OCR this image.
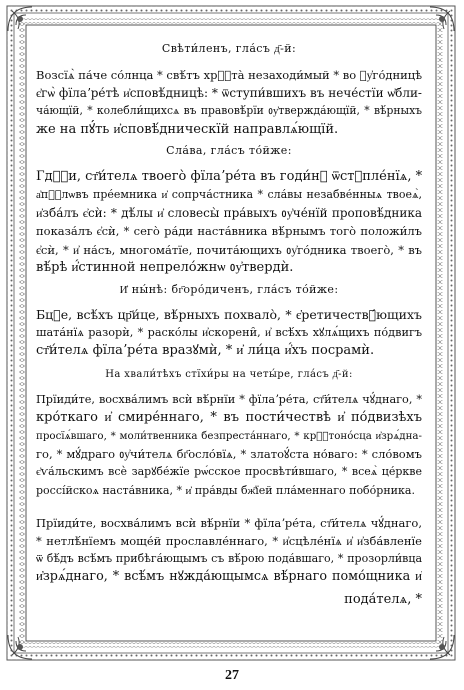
Свѣти́ленъ, гла́съ д҃-й:

Возсїѧ̀ па́че со́лнца * свѣ́тъ хрⷭ҇та̀ незаходи́мый * во ᲂу҆го́дницѣ
є҆гѡ̀ фїлаʼре́тѣ и҆сповѣ́дницѣ: * ѿступи́вшихъ въ нече́стїи ѡ҆бли-
ча́ющїй, * колебли́щихсѧ въ правовѣ́рїи ᲂу҆твержда́ющїй, * вѣ́рныхъ
же на пꙋ́ть и҆сповѣ́дническїй направлѧ́ющїй.

Сла́ва, гла́съ то́йже:

Гдⷭ҇и, ст҃и́телѧ твоего̀ фїлаʼре́та въ годи́нꙋ ѿстꙋпле́нїѧ, *
а҆пⷭ҇лѡвъ пре́емника и҆ сопрча́стника * сла́вы незабве́нныѧ твоеѧ̀,
и҆зба́лъ є҆сѝ: * дѣ́лы и҆ словесы̀ пра́выхъ ᲂу҆че́нїй проповѣ́дника
показа́лъ є҆сѝ, * сего̀ ра́ди наста́вника вѣ́рнымъ того̀ положи́лъ
є҆сѝ, * и҆ на́съ, многома́тїе, почита́ющихъ ᲂу҆го́дника твоего̀, * въ
вѣ́рѣ и҆́стинной непрело́жнѡ ᲂу҆твердѝ.

И҆ ны́нѣ: бг҃оро́диченъ, гла́съ то́йже:

Бцⷣе, всѣ́хъ цр҃и́це, вѣ́рныхъ похвало̀, * є҆ретичествꙋ́ющихъ
шата́нїѧ разорѝ, * раско́лы и҆скорени̑, и҆ всѣ́хъ хꙋлѧ́щихъ по́двигъ
ст҃и́телѧ фїлаʼре́та вразꙋмѝ, * и҆ ли́ца и҆́хъ посрамѝ.

На хвали́тѣхъ стїхи́ры на четы́ре, гла́съ д҃-й:

Прїиди́те, восхва́лимъ всѝ вѣ́рнїи * фїлаʼре́та, ст҃и́телѧ чꙋ́днаго, *
кро́ткаго и҆ смире́ннаго, * въ пости́чествѣ и҆ по́двизѣхъ
просїѧ́вшаго, * моли́твенника безпреста́ннаго, * крⷭ҇тоно́сца и҆зрѧ́дна-
го, * мꙋ́драго ᲂу҆чи́телѧ бг҃осло́вїѧ, * златоꙋ́ста но́ваго: * сло́вомъ
є҆ѵа́льскимъ всѐ зарꙋбе́жїе рѡ́сское просвѣти́вшаго, * всеѧ̀ це́ркве
россі́йскоѧ наста́вника, * и҆ пра́вды бж҃їей пла́меннаго побо́рника.
Прїиди́те, восхва́лимъ всѝ вѣ́рнїи * фїлаʼре́та, ст҃и́телѧ чꙋ́днаго,
* нетлѣ́нїемъ моще́й прославле́ннаго, * и҆сцѣле́нїѧ и҆ и҆зба́вленїе
ѿ бѣ́дъ всѣ́мъ прибѣга́ющымъ съ вѣ́рою пода́вшаго, * прозорли́вца
и҆зрѧ́днаго, * всѣ́мъ нꙋжда́ющымсѧ вѣ́рнаго помо́щника и҆
пода́телѧ, *
27
